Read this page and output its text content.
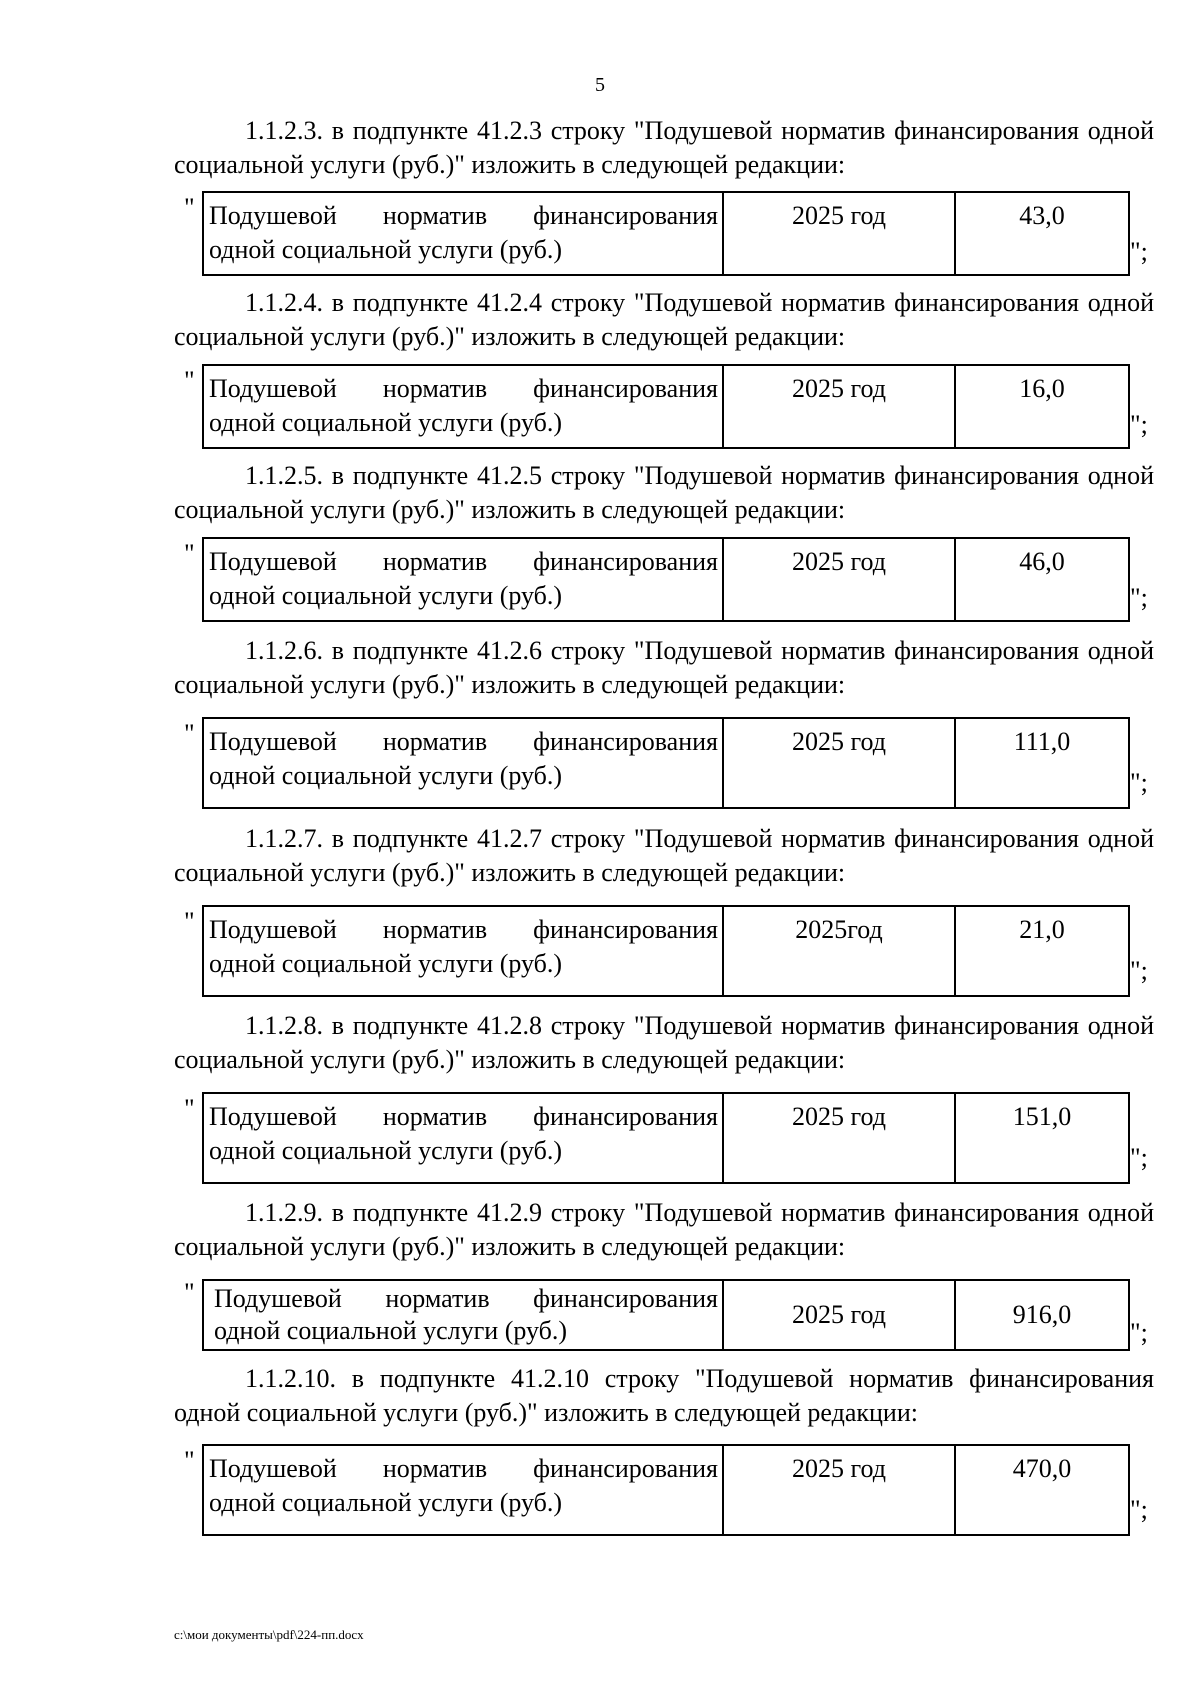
5

1.1.2.3. в подпункте 41.2.3 строку "Подушевой норматив финансирования одной социальной услуги (руб.)" изложить в следующей редакции:

" Подушевой норматив финансирования
одной социальной услуги (руб.)

2025 год	43,0
";

1.1.2.4. в подпункте 41.2.4 строку "Подушевой норматив финансирования одной социальной услуги (руб.)" изложить в следующей редакции:

" Подушевой норматив финансирования
одной социальной услуги (руб.)

2025 год	16,0
";

1.1.2.5. в подпункте 41.2.5 строку "Подушевой норматив финансирования одной социальной услуги (руб.)" изложить в следующей редакции:

" Подушевой норматив финансирования
одной социальной услуги (руб.)

2025 год	46,0
";

1.1.2.6. в подпункте 41.2.6 строку "Подушевой норматив финансирования одной социальной услуги (руб.)" изложить в следующей редакции:

" Подушевой норматив финансирования
одной социальной услуги (руб.)

2025 год	111,0
";

1.1.2.7. в подпункте 41.2.7 строку "Подушевой норматив финансирования одной социальной услуги (руб.)" изложить в следующей редакции:

" Подушевой норматив финансирования
одной социальной услуги (руб.)

2025год	21,0
";

1.1.2.8. в подпункте 41.2.8 строку "Подушевой норматив финансирования одной социальной услуги (руб.)" изложить в следующей редакции:

" Подушевой норматив финансирования
одной социальной услуги (руб.)

2025 год	151,0
";

1.1.2.9. в подпункте 41.2.9 строку "Подушевой норматив финансирования одной социальной услуги (руб.)" изложить в следующей редакции:

" Подушевой норматив финансирования
одной социальной услуги (руб.)

2025 год	916,0
";

1.1.2.10. в подпункте 41.2.10 строку "Подушевой норматив финансирования одной социальной услуги (руб.)" изложить в следующей редакции:

" Подушевой норматив финансирования
одной социальной услуги (руб.)

2025 год	470,0
";
c:\мои документы\pdf\224-пп.docx
